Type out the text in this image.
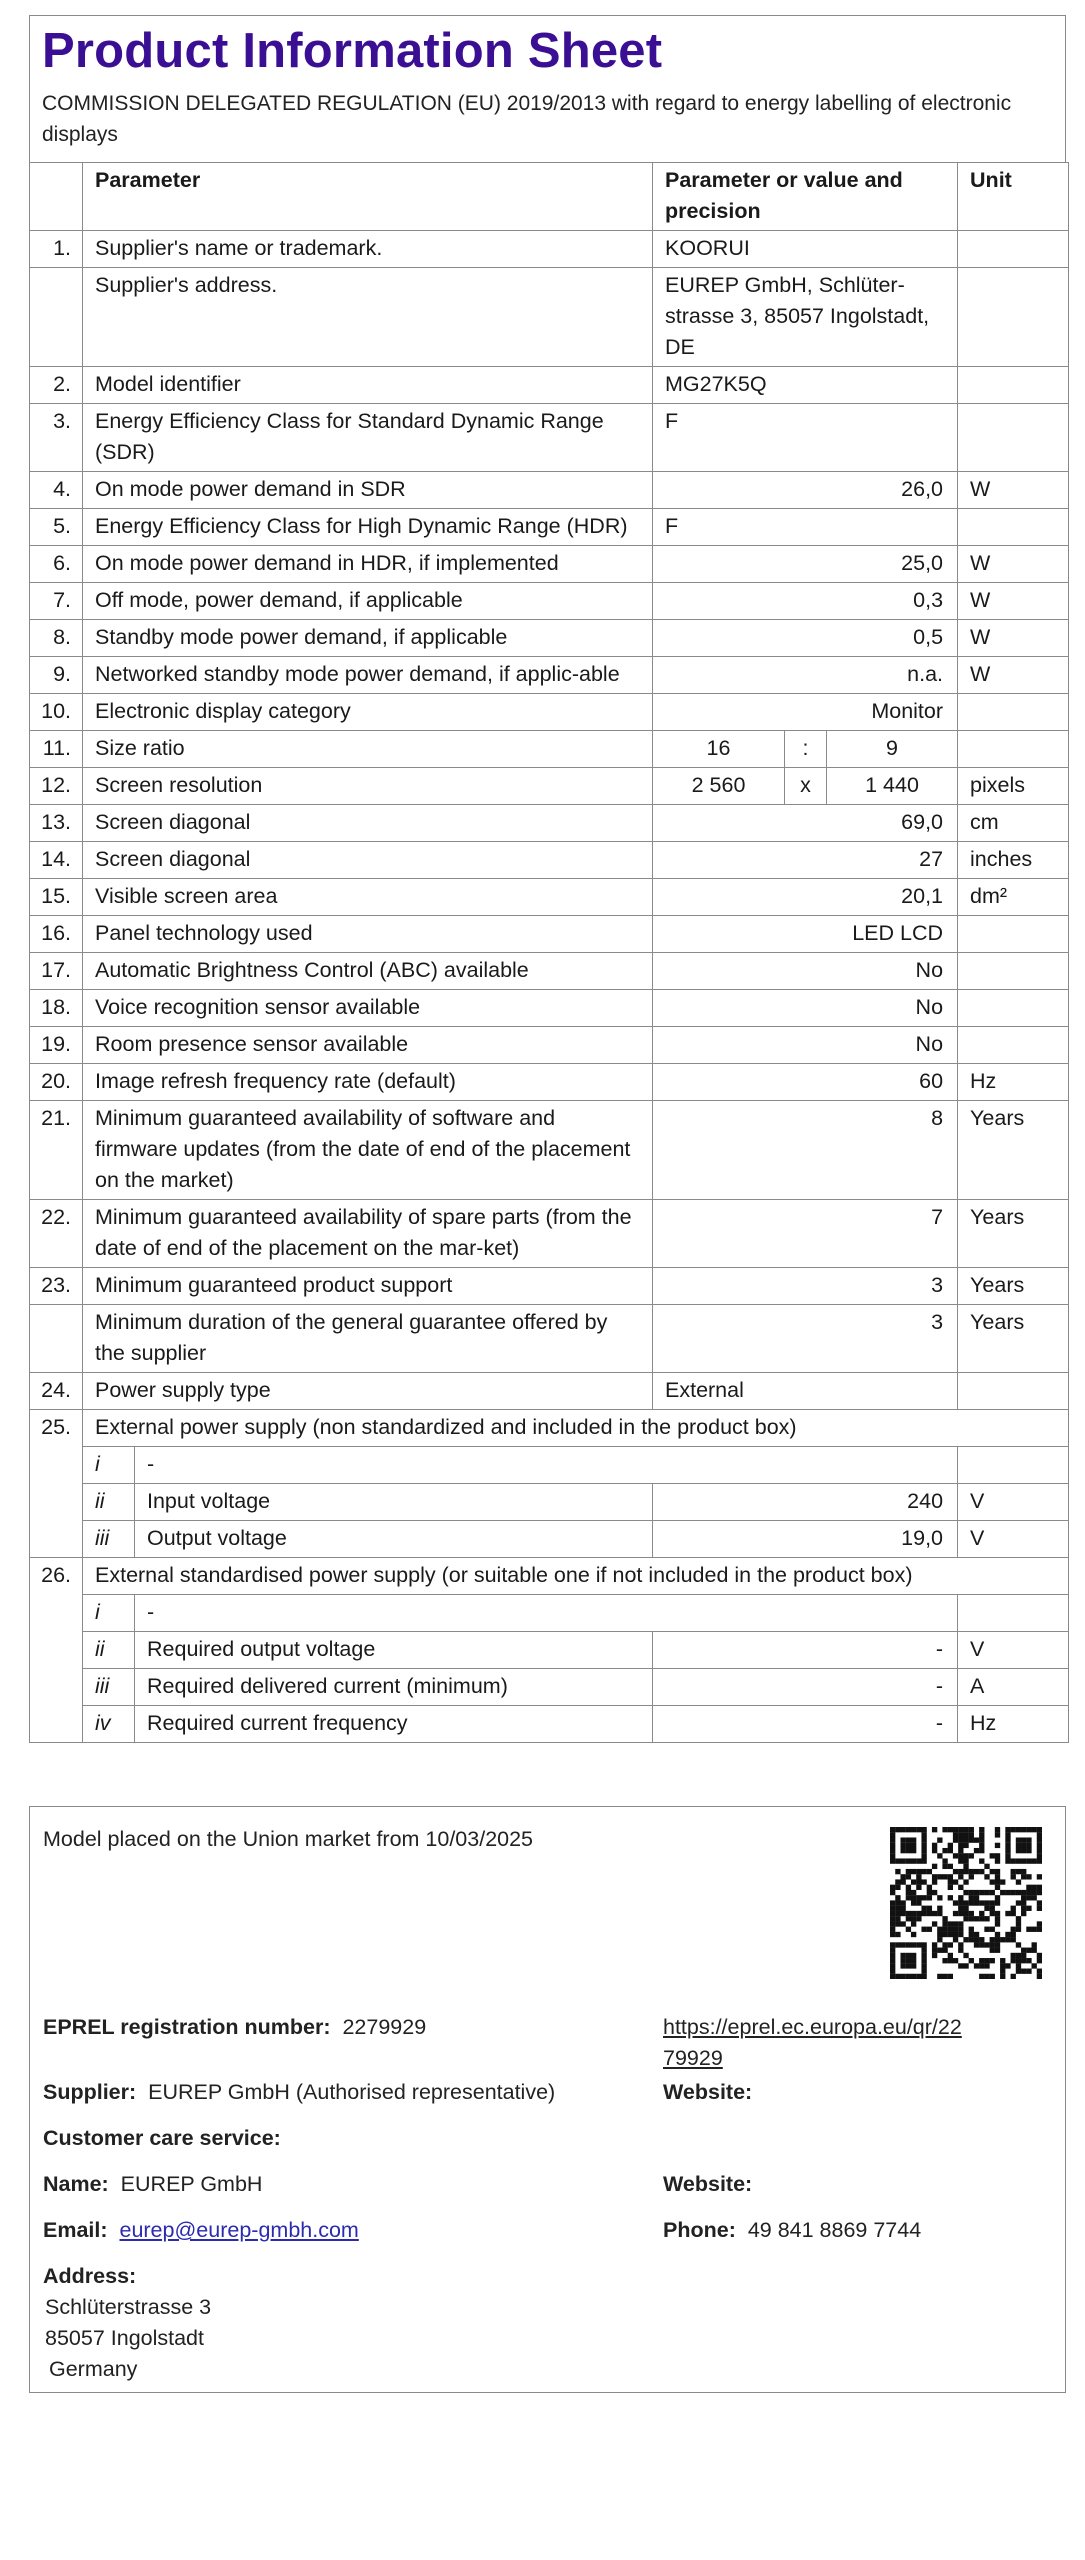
Product Information Sheet
COMMISSION DELEGATED REGULATION (EU) 2019/2013 with regard to energy labelling of electronic displays
	Parameter		Parameter or value and precision			Unit
1.	Supplier's name or trademark.		KOORUI			
	Supplier's address.		EUREP GmbH, Schlüter-strasse 3, 85057 Ingolstadt, DE			
2.	Model identifier		MG27K5Q			
3.	Energy Efficiency Class for Standard Dynamic Range (SDR)		F			
4.	On mode power demand in SDR		26,0			W
5.	Energy Efficiency Class for High Dynamic Range (HDR)		F			
6.	On mode power demand in HDR, if implemented		25,0			W
7.	Off mode, power demand, if applicable		0,3			W
8.	Standby mode power demand, if applicable		0,5			W
9.	Networked standby mode power demand, if applic-able		n.a.			W
10.	Electronic display category		Monitor			
11.	Size ratio		16	:	9	
12.	Screen resolution		2 560	x	1 440	pixels
13.	Screen diagonal		69,0			cm
14.	Screen diagonal		27			inches
15.	Visible screen area		20,1			dm²
16.	Panel technology used		LED LCD			
17.	Automatic Brightness Control (ABC) available		No			
18.	Voice recognition sensor available		No			
19.	Room presence sensor available		No			
20.	Image refresh frequency rate (default)		60			Hz
21.	Minimum guaranteed availability of software and firmware updates (from the date of end of the placement on the market)		8			Years
22.	Minimum guaranteed availability of spare parts (from the date of end of the placement on the mar-ket)		7			Years
23.	Minimum guaranteed product support		3			Years
	Minimum duration of the general guarantee offered by the supplier		3			Years
24.	Power supply type		External			
25.	External power supply (non standardized and included in the product box)					
	i	-				
	ii	Input voltage	240			V
	iii	Output voltage	19,0			V
26.	External standardised power supply (or suitable one if not included in the product box)					
	i	-				
	ii	Required output voltage	-			V
	iii	Required delivered current (minimum)	-			A
	iv	Required current frequency	-			Hz
Model placed on the Union market from 10/03/2025
EPREL registration number: 2279929	https://eprel.ec.europa.eu/qr/22
79929
Supplier: EUREP GmbH (Authorised representative)	Website:
Customer care service:
Name: EUREP GmbH	Website:
Email: eurep@eurep-gmbh.com	Phone: 49 841 8869 7744
Address:
Schlüterstrasse 3
85057 Ingolstadt
Germany
